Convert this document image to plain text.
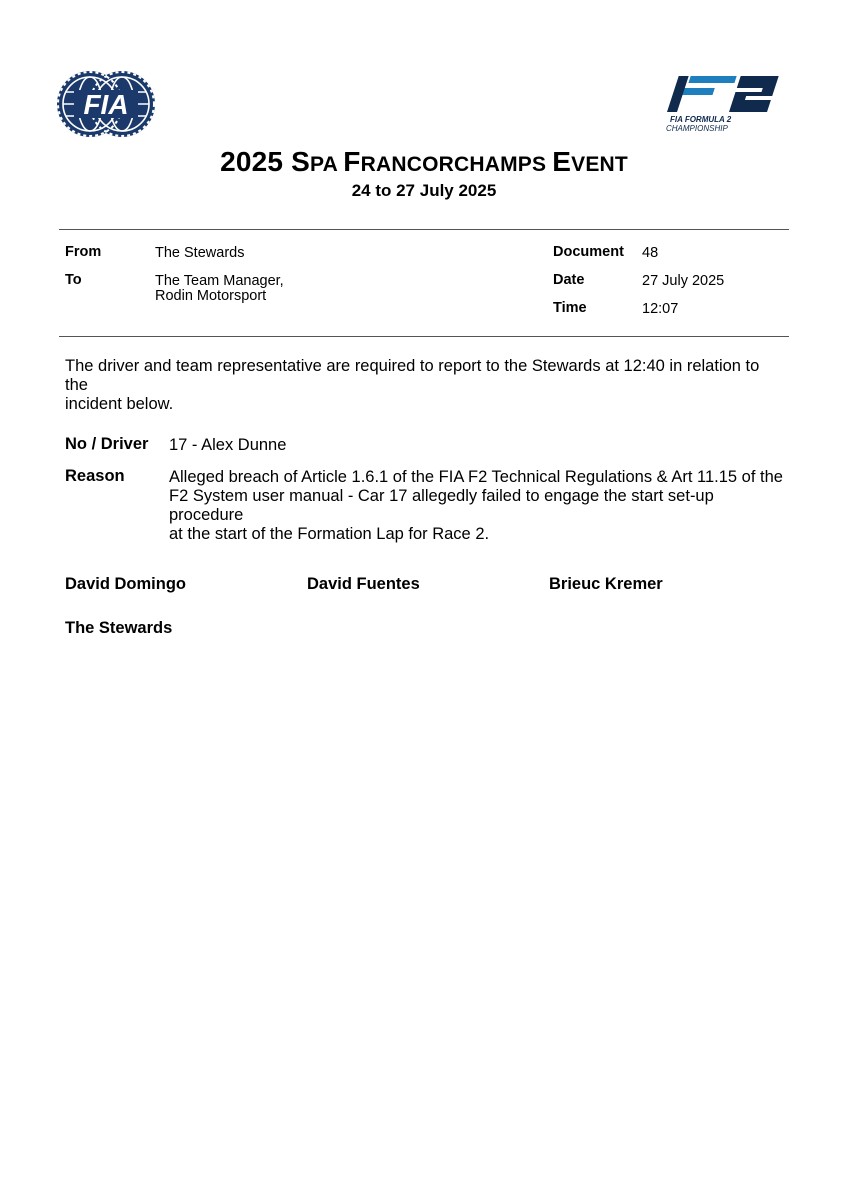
FIA	FIA FORMULA 2
CHAMPIONSHIP
2025 SPA FRANCORCHAMPS EVENT
24 to 27 July 2025
From	The Stewards
To	The Team Manager,
Rodin Motorsport
Document 48
Date	27 July 2025
Time	12:07
The driver and team representative are required to report to the Stewards at 12:40 in relation to the
incident below.
No / Driver 17 - Alex Dunne
Reason	Alleged breach of Article 1.6.1 of the FIA F2 Technical Regulations & Art 11.15 of the
F2 System user manual - Car 17 allegedly failed to engage the start set-up procedure
at the start of the Formation Lap for Race 2.
David Domingo	David Fuentes	Brieuc Kremer
The Stewards
